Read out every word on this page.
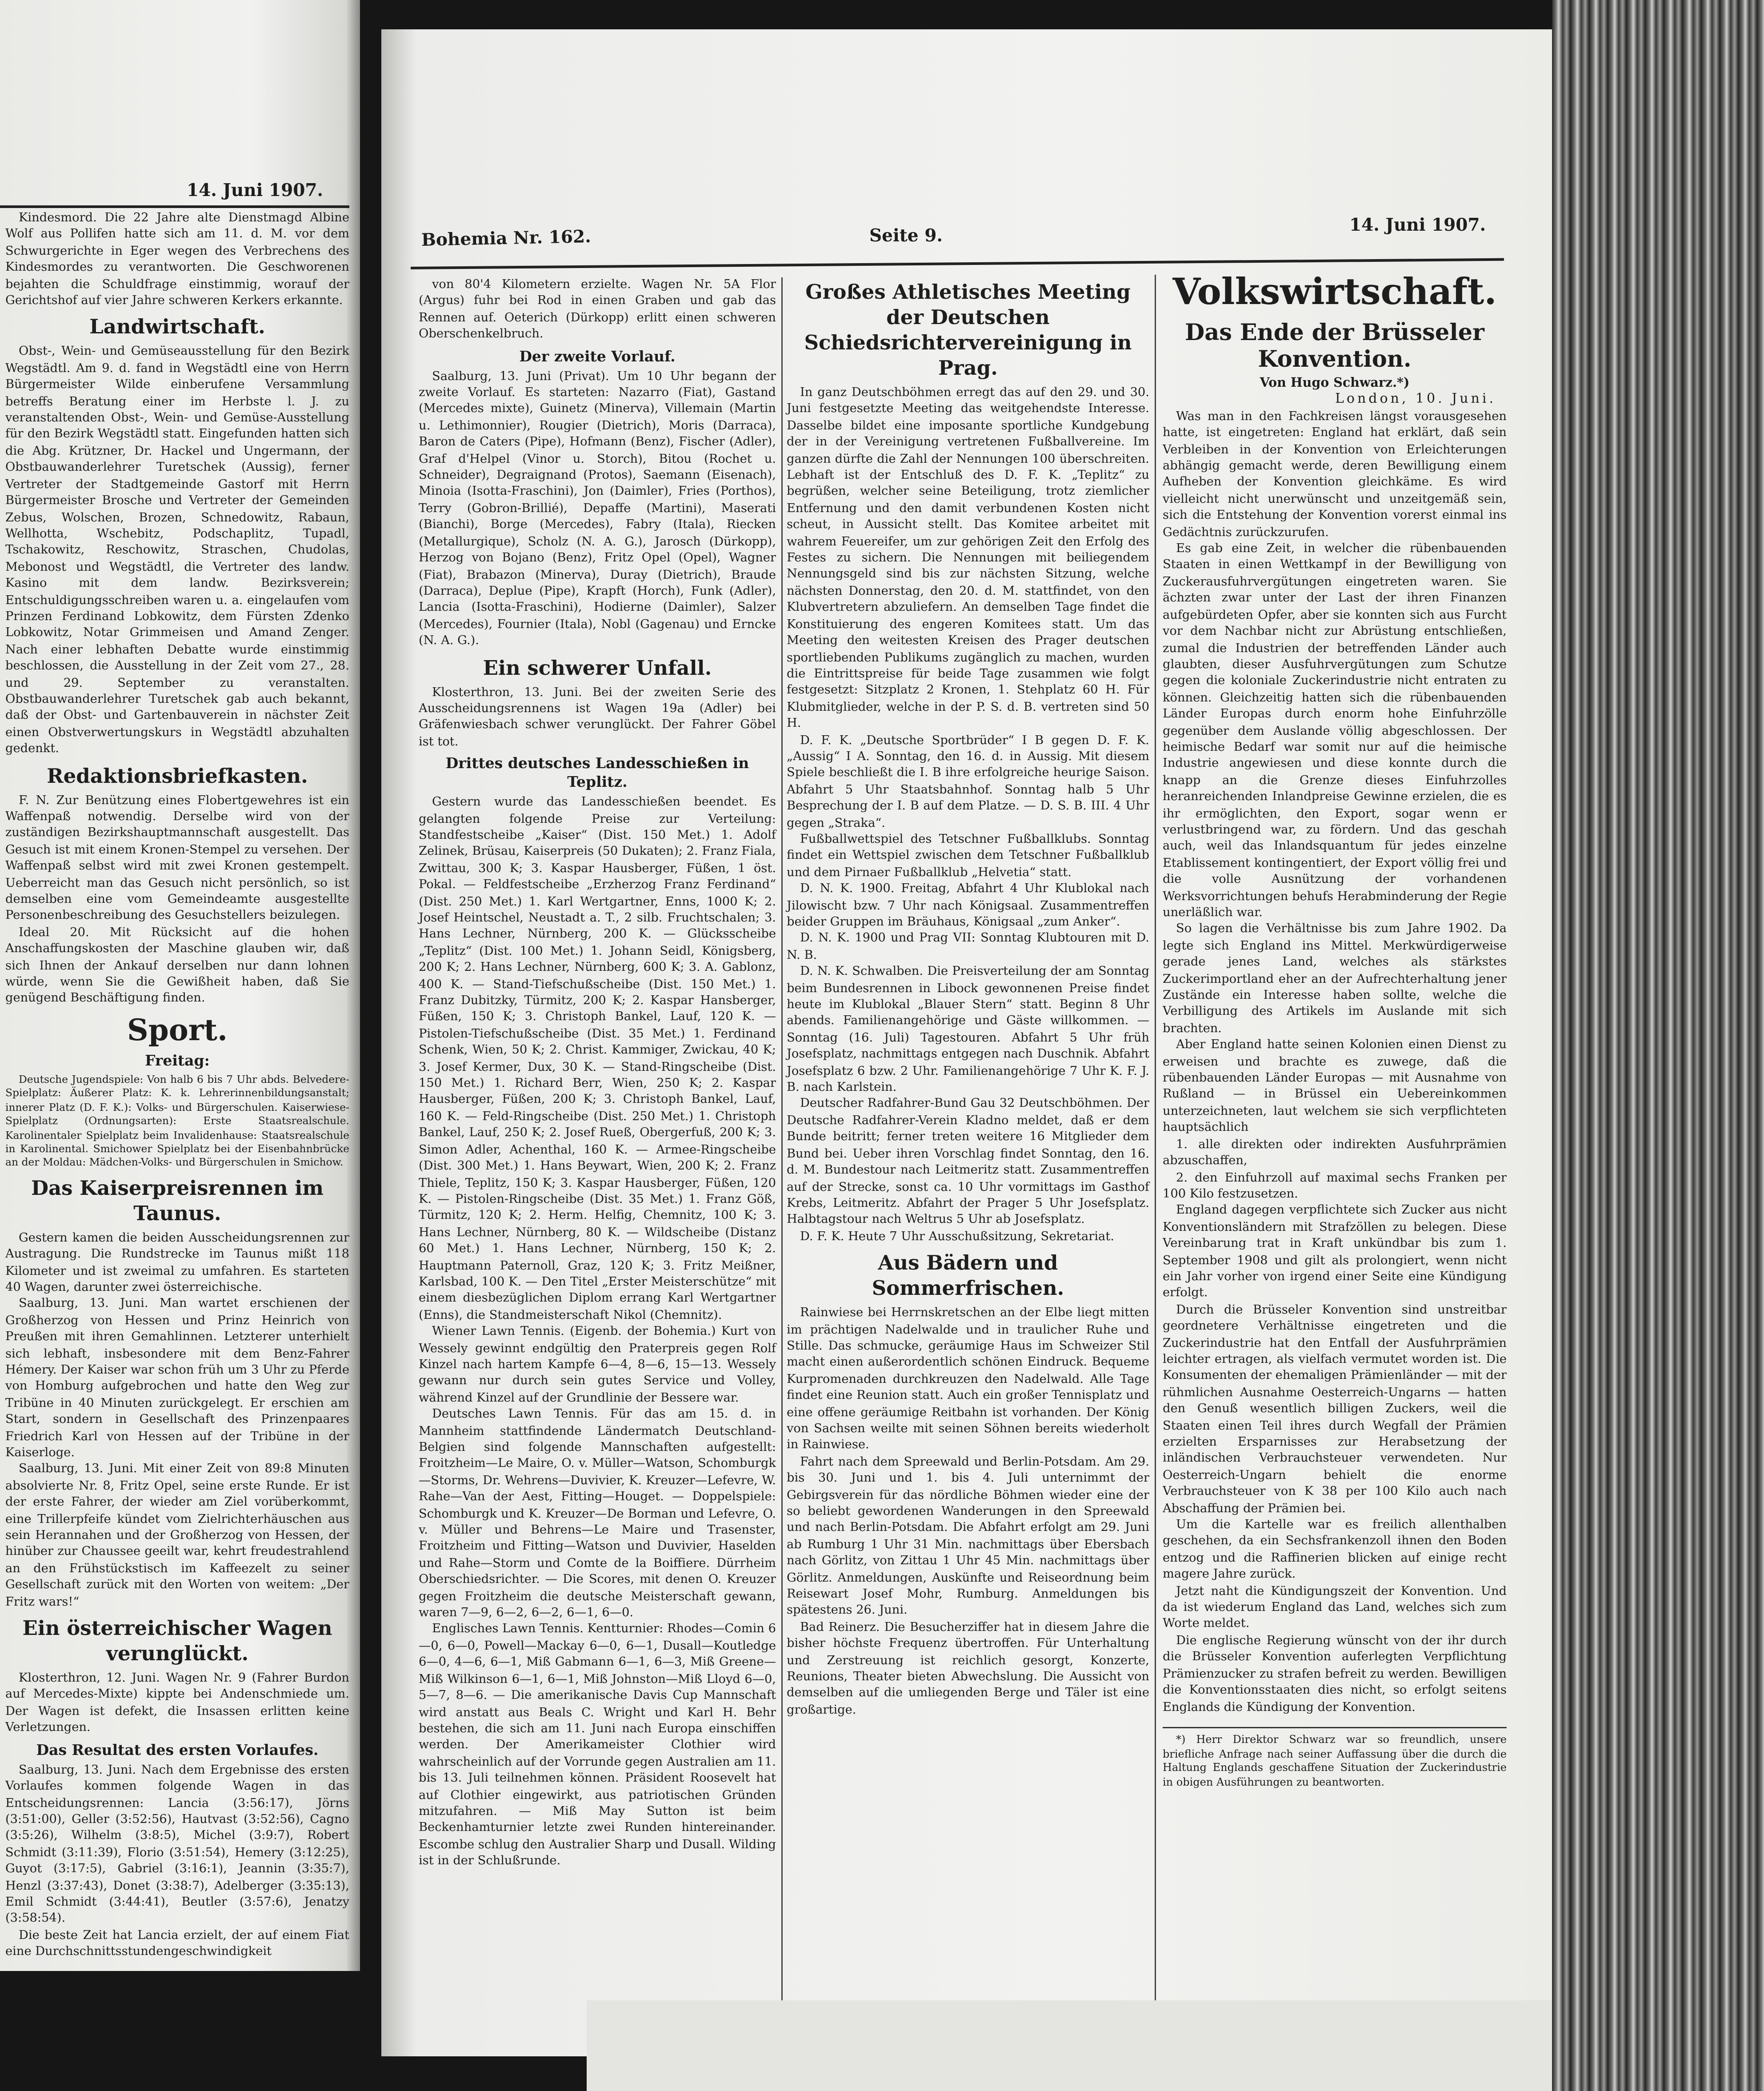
14. Juni 1907.

Kindesmord. Die 22 Jahre alte Dienstmagd Albine Wolf aus Pollifen hatte sich am 11. d. M. vor dem Schwurgerichte in Eger wegen des Verbrechens des Kindesmordes zu verantworten. Die Geschworenen bejahten die Schuldfrage einstimmig, worauf der Gerichtshof auf vier Jahre schweren Kerkers erkannte.

Landwirtschaft.

Obst-, Wein- und Gemüseausstellung für den Bezirk Wegstädtl. Am 9. d. fand in Wegstädtl eine von Herrn Bürgermeister Wilde einberufene Versammlung betreffs Beratung einer im Herbste l. J. zu veranstaltenden Obst-, Wein- und Gemüse-Ausstellung für den Bezirk Wegstädtl statt. Eingefunden hatten sich die Abg. Krützner, Dr. Hackel und Ungermann, der Obstbauwanderlehrer Turetschek (Aussig), ferner Vertreter der Stadtgemeinde Gastorf mit Herrn Bürgermeister Brosche und Vertreter der Gemeinden Zebus, Wolschen, Brozen, Schnedowitz, Rabaun, Wellhotta, Wschebitz, Podschaplitz, Tupadl, Tschakowitz, Reschowitz, Straschen, Chudolas, Mebonost und Wegstädtl, die Vertreter des landw. Kasino mit dem landw. Bezirksverein; Entschuldigungsschreiben waren u. a. eingelaufen vom Prinzen Ferdinand Lobkowitz, dem Fürsten Zdenko Lobkowitz, Notar Grimmeisen und Amand Zenger. Nach einer lebhaften Debatte wurde einstimmig beschlossen, die Ausstellung in der Zeit vom 27., 28. und 29. September zu veranstalten. Obstbauwanderlehrer Turetschek gab auch bekannt, daß der Obst- und Gartenbauverein in nächster Zeit einen Obstverwertungskurs in Wegstädtl abzuhalten gedenkt.

Redaktionsbriefkasten.

F. N. Zur Benützung eines Flobertgewehres ist ein Waffenpaß notwendig. Derselbe wird von der zuständigen Bezirkshauptmannschaft ausgestellt. Das Gesuch ist mit einem Kronen-Stempel zu versehen. Der Waffenpaß selbst wird mit zwei Kronen gestempelt. Ueberreicht man das Gesuch nicht persönlich, so ist demselben eine vom Gemeindeamte ausgestellte Personenbeschreibung des Gesuchstellers beizulegen.

Ideal 20. Mit Rücksicht auf die hohen Anschaffungskosten der Maschine glauben wir, daß sich Ihnen der Ankauf derselben nur dann lohnen würde, wenn Sie die Gewißheit haben, daß Sie genügend Beschäftigung finden.

Sport.

Freitag:

Deutsche Jugendspiele: Von halb 6 bis 7 Uhr abds. Belvedere-Spielplatz: Äußerer Platz: K. k. Lehrerinnenbildungsanstalt; innerer Platz (D. F. K.): Volks- und Bürgerschulen. Kaiserwiese-Spielplatz (Ordnungsarten): Erste Staatsrealschule. Karolinentaler Spielplatz beim Invalidenhause: Staatsrealschule in Karolinental. Smichower Spielplatz bei der Eisenbahnbrücke an der Moldau: Mädchen-Volks- und Bürgerschulen in Smichow.

Das Kaiserpreisrennen im Taunus.

Gestern kamen die beiden Ausscheidungsrennen zur Austragung. Die Rundstrecke im Taunus mißt 118 Kilometer und ist zweimal zu umfahren. Es starteten 40 Wagen, darunter zwei österreichische.

Saalburg, 13. Juni. Man wartet erschienen der Großherzog von Hessen und Prinz Heinrich von Preußen mit ihren Gemahlinnen. Letzterer unterhielt sich lebhaft, insbesondere mit dem Benz-Fahrer Hémery. Der Kaiser war schon früh um 3 Uhr zu Pferde von Homburg aufgebrochen und hatte den Weg zur Tribüne in 40 Minuten zurückgelegt. Er erschien am Start, sondern in Gesellschaft des Prinzenpaares Friedrich Karl von Hessen auf der Tribüne in der Kaiserloge.

Saalburg, 13. Juni. Mit einer Zeit von 89:8 Minuten absolvierte Nr. 8, Fritz Opel, seine erste Runde. Er ist der erste Fahrer, der wieder am Ziel vorüberkommt, eine Trillerpfeife kündet vom Zielrichterhäuschen aus sein Herannahen und der Großherzog von Hessen, der hinüber zur Chaussee geeilt war, kehrt freudestrahlend an den Frühstückstisch im Kaffeezelt zu seiner Gesellschaft zurück mit den Worten von weitem: „Der Fritz wars!“

Ein österreichischer Wagen verunglückt.

Klosterthron, 12. Juni. Wagen Nr. 9 (Fahrer Burdon auf Mercedes-Mixte) kippte bei Andenschmiede um. Der Wagen ist defekt, die Insassen erlitten keine Verletzungen.

Das Resultat des ersten Vorlaufes.

Saalburg, 13. Juni. Nach dem Ergebnisse des ersten Vorlaufes kommen folgende Wagen in das Entscheidungsrennen: Lancia (3:56:17), Jörns (3:51:00), Geller (3:52:56), Hautvast (3:52:56), Cagno (3:5:26), Wilhelm (3:8:5), Michel (3:9:7), Robert Schmidt (3:11:39), Florio (3:51:54), Hemery (3:12:25), Guyot (3:17:5), Gabriel (3:16:1), Jeannin (3:35:7), Henzl (3:37:43), Donet (3:38:7), Adelberger (3:35:13), Emil Schmidt (3:44:41), Beutler (3:57:6), Jenatzy (3:58:54).

Die beste Zeit hat Lancia erzielt, der auf einem Fiat eine Durchschnittsstundengeschwindigkeit

Bohemia Nr. 162.	Seite 9.
14. Juni 1907.

von 80'4 Kilometern erzielte. Wagen Nr. 5A Flor (Argus) fuhr bei Rod in einen Graben und gab das Rennen auf. Oeterich (Dürkopp) erlitt einen schweren Oberschenkelbruch.

Der zweite Vorlauf.

Saalburg, 13. Juni (Privat). Um 10 Uhr begann der zweite Vorlauf. Es starteten: Nazarro (Fiat), Gastand (Mercedes mixte), Guinetz (Minerva), Villemain (Martin u. Lethimonnier), Rougier (Dietrich), Moris (Darraca), Baron de Caters (Pipe), Hofmann (Benz), Fischer (Adler), Graf d'Helpel (Vinor u. Storch), Bitou (Rochet u. Schneider), Degraignand (Protos), Saemann (Eisenach), Minoia (Isotta-Fraschini), Jon (Daimler), Fries (Porthos), Terry (Gobron-Brillié), Depaffe (Martini), Maserati (Bianchi), Borge (Mercedes), Fabry (Itala), Riecken (Metallurgique), Scholz (N. A. G.), Jarosch (Dürkopp), Herzog von Bojano (Benz), Fritz Opel (Opel), Wagner (Fiat), Brabazon (Minerva), Duray (Dietrich), Braude (Darraca), Deplue (Pipe), Krapft (Horch), Funk (Adler), Lancia (Isotta-Fraschini), Hodierne (Daimler), Salzer (Mercedes), Fournier (Itala), Nobl (Gagenau) und Erncke (N. A. G.).

Ein schwerer Unfall.

Klosterthron, 13. Juni. Bei der zweiten Serie des Ausscheidungsrennens ist Wagen 19a (Adler) bei Gräfenwiesbach schwer verunglückt. Der Fahrer Göbel ist tot.

Drittes deutsches Landesschießen in Teplitz.

Gestern wurde das Landesschießen beendet. Es gelangten folgende Preise zur Verteilung: Standfestscheibe „Kaiser“ (Dist. 150 Met.) 1. Adolf Zelinek, Brüsau, Kaiserpreis (50 Dukaten); 2. Franz Fiala, Zwittau, 300 K; 3. Kaspar Hausberger, Füßen, 1 öst. Pokal. — Feldfestscheibe „Erzherzog Franz Ferdinand“ (Dist. 250 Met.) 1. Karl Wertgartner, Enns, 1000 K; 2. Josef Heintschel, Neustadt a. T., 2 silb. Fruchtschalen; 3. Hans Lechner, Nürnberg, 200 K. — Glücksscheibe „Teplitz“ (Dist. 100 Met.) 1. Johann Seidl, Königsberg, 200 K; 2. Hans Lechner, Nürnberg, 600 K; 3. A. Gablonz, 400 K. — Stand-Tiefschußscheibe (Dist. 150 Met.) 1. Franz Dubitzky, Türmitz, 200 K; 2. Kaspar Hansberger, Füßen, 150 K; 3. Christoph Bankel, Lauf, 120 K. — Pistolen-Tiefschußscheibe (Dist. 35 Met.) 1. Ferdinand Schenk, Wien, 50 K; 2. Christ. Kammiger, Zwickau, 40 K; 3. Josef Kermer, Dux, 30 K. — Stand-Ringscheibe (Dist. 150 Met.) 1. Richard Berr, Wien, 250 K; 2. Kaspar Hausberger, Füßen, 200 K; 3. Christoph Bankel, Lauf, 160 K. — Feld-Ringscheibe (Dist. 250 Met.) 1. Christoph Bankel, Lauf, 250 K; 2. Josef Rueß, Obergerfuß, 200 K; 3. Simon Adler, Achenthal, 160 K. — Armee-Ringscheibe (Dist. 300 Met.) 1. Hans Beywart, Wien, 200 K; 2. Franz Thiele, Teplitz, 150 K; 3. Kaspar Hausberger, Füßen, 120 K. — Pistolen-Ringscheibe (Dist. 35 Met.) 1. Franz Göß, Türmitz, 120 K; 2. Herm. Helfig, Chemnitz, 100 K; 3. Hans Lechner, Nürnberg, 80 K. — Wildscheibe (Distanz 60 Met.) 1. Hans Lechner, Nürnberg, 150 K; 2. Hauptmann Paternoll, Graz, 120 K; 3. Fritz Meißner, Karlsbad, 100 K. — Den Titel „Erster Meisterschütze“ mit einem diesbezüglichen Diplom errang Karl Wertgartner (Enns), die Standmeisterschaft Nikol (Chemnitz).

Wiener Lawn Tennis. (Eigenb. der Bohemia.) Kurt von Wessely gewinnt endgültig den Praterpreis gegen Rolf Kinzel nach hartem Kampfe 6—4, 8—6, 15—13. Wessely gewann nur durch sein gutes Service und Volley, während Kinzel auf der Grundlinie der Bessere war.

Deutsches Lawn Tennis. Für das am 15. d. in Mannheim stattfindende Ländermatch Deutschland-Belgien sind folgende Mannschaften aufgestellt: Froitzheim—Le Maire, O. v. Müller—Watson, Schomburgk—Storms, Dr. Wehrens—Duvivier, K. Kreuzer—Lefevre, W. Rahe—Van der Aest, Fitting—Houget. — Doppelspiele: Schomburgk und K. Kreuzer—De Borman und Lefevre, O. v. Müller und Behrens—Le Maire und Trasenster, Froitzheim und Fitting—Watson und Duvivier, Haselden und Rahe—Storm und Comte de la Boiffiere. Dürrheim Oberschiedsrichter. — Die Scores, mit denen O. Kreuzer gegen Froitzheim die deutsche Meisterschaft gewann, waren 7—9, 6—2, 6—2, 6—1, 6—0.

Englisches Lawn Tennis. Kentturnier: Rhodes—Comin 6—0, 6—0, Powell—Mackay 6—0, 6—1, Dusall—Koutledge 6—0, 4—6, 6—1, Miß Gabmann 6—1, 6—3, Miß Greene—Miß Wilkinson 6—1, 6—1, Miß Johnston—Miß Lloyd 6—0, 5—7, 8—6. — Die amerikanische Davis Cup Mannschaft wird anstatt aus Beals C. Wright und Karl H. Behr bestehen, die sich am 11. Juni nach Europa einschiffen werden. Der Amerikameister Clothier wird wahrscheinlich auf der Vorrunde gegen Australien am 11. bis 13. Juli teilnehmen können. Präsident Roosevelt hat auf Clothier eingewirkt, aus patriotischen Gründen mitzufahren. — Miß May Sutton ist beim Beckenhamturnier letzte zwei Runden hintereinander. Escombe schlug den Australier Sharp und Dusall. Wilding ist in der Schlußrunde.

Großes Athletisches Meeting der Deutschen Schiedsrichtervereinigung in Prag.

In ganz Deutschböhmen erregt das auf den 29. und 30. Juni festgesetzte Meeting das weitgehendste Interesse. Dasselbe bildet eine imposante sportliche Kundgebung der in der Vereinigung vertretenen Fußballvereine. Im ganzen dürfte die Zahl der Nennungen 100 überschreiten. Lebhaft ist der Entschluß des D. F. K. „Teplitz“ zu begrüßen, welcher seine Beteiligung, trotz ziemlicher Entfernung und den damit verbundenen Kosten nicht scheut, in Aussicht stellt. Das Komitee arbeitet mit wahrem Feuereifer, um zur gehörigen Zeit den Erfolg des Festes zu sichern. Die Nennungen mit beiliegendem Nennungsgeld sind bis zur nächsten Sitzung, welche nächsten Donnerstag, den 20. d. M. stattfindet, von den Klubvertretern abzuliefern. An demselben Tage findet die Konstituierung des engeren Komitees statt. Um das Meeting den weitesten Kreisen des Prager deutschen sportliebenden Publikums zugänglich zu machen, wurden die Eintrittspreise für beide Tage zusammen wie folgt festgesetzt: Sitzplatz 2 Kronen, 1. Stehplatz 60 H. Für Klubmitglieder, welche in der P. S. d. B. vertreten sind 50 H.

D. F. K. „Deutsche Sportbrüder“ I B gegen D. F. K. „Aussig“ I A. Sonntag, den 16. d. in Aussig. Mit diesem Spiele beschließt die I. B ihre erfolgreiche heurige Saison. Abfahrt 5 Uhr Staatsbahnhof. Sonntag halb 5 Uhr Besprechung der I. B auf dem Platze. — D. S. B. III. 4 Uhr gegen „Straka“.

Fußballwettspiel des Tetschner Fußballklubs. Sonntag findet ein Wettspiel zwischen dem Tetschner Fußballklub und dem Pirnaer Fußballklub „Helvetia“ statt.

D. N. K. 1900. Freitag, Abfahrt 4 Uhr Klublokal nach Jilowischt bzw. 7 Uhr nach Königsaal. Zusammentreffen beider Gruppen im Bräuhaus, Königsaal „zum Anker“.

D. N. K. 1900 und Prag VII: Sonntag Klubtouren mit D. N. B.

D. N. K. Schwalben. Die Preisverteilung der am Sonntag beim Bundesrennen in Libock gewonnenen Preise findet heute im Klublokal „Blauer Stern“ statt. Beginn 8 Uhr abends. Familienangehörige und Gäste willkommen. — Sonntag (16. Juli) Tagestouren. Abfahrt 5 Uhr früh Josefsplatz, nachmittags entgegen nach Duschnik. Abfahrt Josefsplatz 6 bzw. 2 Uhr. Familienangehörige 7 Uhr K. F. J. B. nach Karlstein.

Deutscher Radfahrer-Bund Gau 32 Deutschböhmen. Der Deutsche Radfahrer-Verein Kladno meldet, daß er dem Bunde beitritt; ferner treten weitere 16 Mitglieder dem Bund bei. Ueber ihren Vorschlag findet Sonntag, den 16. d. M. Bundestour nach Leitmeritz statt. Zusammentreffen auf der Strecke, sonst ca. 10 Uhr vormittags im Gasthof Krebs, Leitmeritz. Abfahrt der Prager 5 Uhr Josefsplatz. Halbtagstour nach Weltrus 5 Uhr ab Josefsplatz.

D. F. K. Heute 7 Uhr Ausschußsitzung, Sekretariat.

Aus Bädern und Sommerfrischen.

Rainwiese bei Herrnskretschen an der Elbe liegt mitten im prächtigen Nadelwalde und in traulicher Ruhe und Stille. Das schmucke, geräumige Haus im Schweizer Stil macht einen außerordentlich schönen Eindruck. Bequeme Kurpromenaden durchkreuzen den Nadelwald. Alle Tage findet eine Reunion statt. Auch ein großer Tennisplatz und eine offene geräumige Reitbahn ist vorhanden. Der König von Sachsen weilte mit seinen Söhnen bereits wiederholt in Rainwiese.

Fahrt nach dem Spreewald und Berlin-Potsdam. Am 29. bis 30. Juni und 1. bis 4. Juli unternimmt der Gebirgsverein für das nördliche Böhmen wieder eine der so beliebt gewordenen Wanderungen in den Spreewald und nach Berlin-Potsdam. Die Abfahrt erfolgt am 29. Juni ab Rumburg 1 Uhr 31 Min. nachmittags über Ebersbach nach Görlitz, von Zittau 1 Uhr 45 Min. nachmittags über Görlitz. Anmeldungen, Auskünfte und Reiseordnung beim Reisewart Josef Mohr, Rumburg. Anmeldungen bis spätestens 26. Juni.

Bad Reinerz. Die Besucherziffer hat in diesem Jahre die bisher höchste Frequenz übertroffen. Für Unterhaltung und Zerstreuung ist reichlich gesorgt, Konzerte, Reunions, Theater bieten Abwechslung. Die Aussicht von demselben auf die umliegenden Berge und Täler ist eine großartige.

Volkswirtschaft.

Das Ende der Brüsseler Konvention.

Von Hugo Schwarz.*)

London, 10. Juni.

Was man in den Fachkreisen längst vorausgesehen hatte, ist eingetreten: England hat erklärt, daß sein Verbleiben in der Konvention von Erleichterungen abhängig gemacht werde, deren Bewilligung einem Aufheben der Konvention gleichkäme. Es wird vielleicht nicht unerwünscht und unzeitgemäß sein, sich die Entstehung der Konvention vorerst einmal ins Gedächtnis zurückzurufen.

Es gab eine Zeit, in welcher die rübenbauenden Staaten in einen Wettkampf in der Bewilligung von Zuckerausfuhrvergütungen eingetreten waren. Sie ächzten zwar unter der Last der ihren Finanzen aufgebürdeten Opfer, aber sie konnten sich aus Furcht vor dem Nachbar nicht zur Abrüstung entschließen, zumal die Industrien der betreffenden Länder auch glaubten, dieser Ausfuhrvergütungen zum Schutze gegen die koloniale Zuckerindustrie nicht entraten zu können. Gleichzeitig hatten sich die rübenbauenden Länder Europas durch enorm hohe Einfuhrzölle gegenüber dem Auslande völlig abgeschlossen. Der heimische Bedarf war somit nur auf die heimische Industrie angewiesen und diese konnte durch die knapp an die Grenze dieses Einfuhrzolles heranreichenden Inlandpreise Gewinne erzielen, die es ihr ermöglichten, den Export, sogar wenn er verlustbringend war, zu fördern. Und das geschah auch, weil das Inlandsquantum für jedes einzelne Etablissement kontingentiert, der Export völlig frei und die volle Ausnützung der vorhandenen Werksvorrichtungen behufs Herabminderung der Regie unerläßlich war.

So lagen die Verhältnisse bis zum Jahre 1902. Da legte sich England ins Mittel. Merkwürdigerweise gerade jenes Land, welches als stärkstes Zuckerimportland eher an der Aufrechterhaltung jener Zustände ein Interesse haben sollte, welche die Verbilligung des Artikels im Auslande mit sich brachten.

Aber England hatte seinen Kolonien einen Dienst zu erweisen und brachte es zuwege, daß die rübenbauenden Länder Europas — mit Ausnahme von Rußland — in Brüssel ein Uebereinkommen unterzeichneten, laut welchem sie sich verpflichteten hauptsächlich

1. alle direkten oder indirekten Ausfuhrprämien abzuschaffen,

2. den Einfuhrzoll auf maximal sechs Franken per 100 Kilo festzusetzen.

England dagegen verpflichtete sich Zucker aus nicht Konventionsländern mit Strafzöllen zu belegen. Diese Vereinbarung trat in Kraft unkündbar bis zum 1. September 1908 und gilt als prolongiert, wenn nicht ein Jahr vorher von irgend einer Seite eine Kündigung erfolgt.

Durch die Brüsseler Konvention sind unstreitbar geordnetere Verhältnisse eingetreten und die Zuckerindustrie hat den Entfall der Ausfuhrprämien leichter ertragen, als vielfach vermutet worden ist. Die Konsumenten der ehemaligen Prämienländer — mit der rühmlichen Ausnahme Oesterreich-Ungarns — hatten den Genuß wesentlich billigen Zuckers, weil die Staaten einen Teil ihres durch Wegfall der Prämien erzielten Ersparnisses zur Herabsetzung der inländischen Verbrauchsteuer verwendeten. Nur Oesterreich-Ungarn behielt die enorme Verbrauchsteuer von K 38 per 100 Kilo auch nach Abschaffung der Prämien bei.

Um die Kartelle war es freilich allenthalben geschehen, da ein Sechsfrankenzoll ihnen den Boden entzog und die Raffinerien blicken auf einige recht magere Jahre zurück.

Jetzt naht die Kündigungszeit der Konvention. Und da ist wiederum England das Land, welches sich zum Worte meldet.

Die englische Regierung wünscht von der ihr durch die Brüsseler Konvention auferlegten Verpflichtung Prämienzucker zu strafen befreit zu werden. Bewilligen die Konventionsstaaten dies nicht, so erfolgt seitens Englands die Kündigung der Konvention.

*) Herr Direktor Schwarz war so freundlich, unsere briefliche Anfrage nach seiner Auffassung über die durch die Haltung Englands geschaffene Situation der Zuckerindustrie in obigen Ausführungen zu beantworten.
